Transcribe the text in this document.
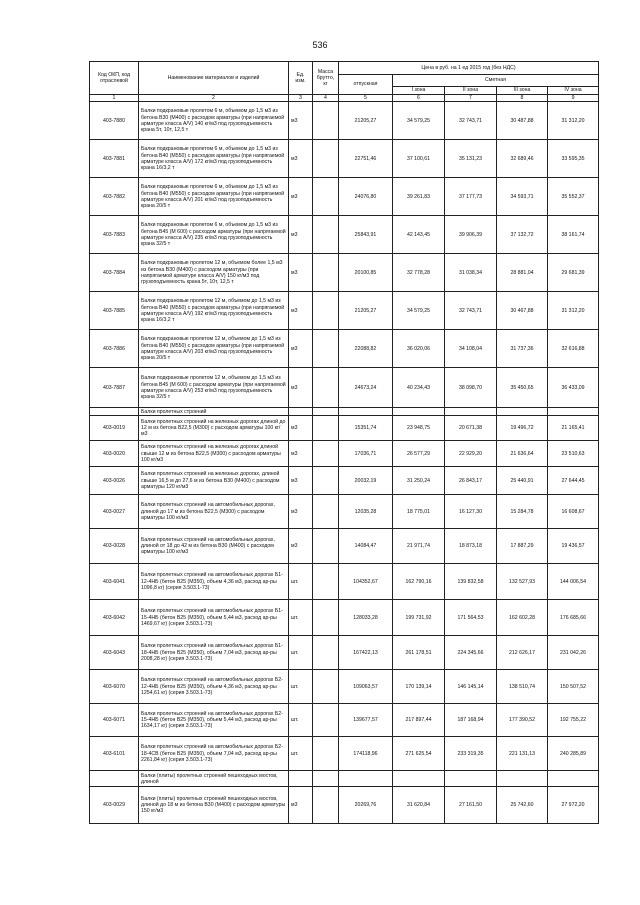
536
Код ОКП, код отраслевой	Наименование материалов и изделий	Ед. изм.	Масса брутто, кг	Цена в руб. на 1 ед 2015 год (без НДС)				
				отпускная	Сметная			
					I зона	II зона	III зона	IV зона
1	2	3	4	5	6	7	8	9
403-7880	Балки подкрановые пролетом 6 м, объемом до 1,5 м3 из бетона В30 (М400) с расходом арматуры (при напрягаемой арматуре класса А/V) 140 кг/м3 под грузоподъемность крана 5т, 10т, 12,5 т	м3		21205,27	34 579,25	32 743,71	30 487,88	31 312,20
403-7881	Балки подкрановые пролетом 6 м, объемом до 1,5 м3 из бетона В40 (М550) с расходом арматуры (при напрягаемой арматуре класса А/V) 172 кг/м3 под грузоподъемность крана 16/3,2 т	м3		22751,46	37 100,61	35 131,23	32 689,46	33 595,35
403-7882	Балки подкрановые пролетом 6 м, объемом до 1,5 м3 из бетона В40 (М550) с расходом арматуры (при напрягаемой арматуре класса А/V) 201 кг/м3 под грузоподъемность крана 20/5 т	м3		24076,80	39 261,83	37 177,73	34 593,71	35 552,37
403-7883	Балки подкрановые пролетом 6 м, объемом до 1,5 м3 из бетона В45 (М 600) с расходом арматуры (при напрягаемой арматуре класса А/V) 235 кг/м3 под грузоподъемность крана 32/5 т	м3		25843,91	42 143,45	39 906,39	37 132,72	38 161,74
403-7884	Балки подкрановые пролетом 12 м, объемом более 1,5 м3 из бетона В30 (М400) с расходом арматуры (при напрягаемой арматуре класса А/V) 150 кг/м3 под грузоподъемность крана 5т, 10т, 12,5 т	м3		20100,85	32 778,28	31 038,34	28 881,04	29 681,39
403-7885	Балки подкрановые пролетом 12 м, объемом до 1,5 м3 из бетона В40 (М550) с расходом арматуры (при напрягаемой арматуре класса А/V) 192 кг/м3 под грузоподъемность крана 16/3,2 т	м3		21205,27	34 579,25	32 743,71	30 467,88	31 312,20
403-7886	Балки подкрановые пролетом 12 м, объемом до 1,5 м3 из бетона В40 (М550) с расходом арматуры (при напрягаемой арматуре класса А/V) 203 кг/м3 под грузоподъемность крана 20/5 т	м3		22088,82	36 020,06	34 108,04	31 737,36	32 616,88
403-7887	Балки подкрановые пролетом 12 м, объемом до 1,5 м3 из бетона В45 (М 600) с расходом арматуры (при напрягаемой арматуре класса А/V) 253 кг/м3 под грузоподъемность крана 32/5 т	м3		24673,24	40 234,43	38 098,70	35 450,65	36 433,09
	Балки пролетных строений							
403-0019	Балки пролетных строений на железных дорогах длиной до 12 м из бетона В22,5 (М300) с расходом арматуры 100 кг/м3	м3		15351,74	23 948,75	20 671,38	19 496,72	21 165,41
403-0020	Балки пролетных строений на железных дорогах длиной свыше 12 м из бетона В22,5 (М300) с расходом арматуры 100 кг/м3	м3		17036,71	26 577,29	22 929,20	21 636,64	23 510,63
403-0026	Балки пролетных строений на железных дорогах, длиной свыше 16,5 м до 27,6 м из бетона В30 (М400) с расходом арматуры 120 кг/м3	м3		20032,19	31 250,24	26 843,17	25 440,91	27 644,45
403-0027	Балки пролетных строений на автомобильных дорогах, длиной до 17 м из бетона В22,5 (М300) с расходом арматуры 100 кг/м3	м3		12035,28	18 775,01	16 127,30	15 284,78	16 608,67
403-0028	Балки пролетных строений на автомобильных дорогах, длиной от 18 до 42 м из бетона В30 (М400) с расходом арматуры 100 кг/м3	м3		14084,47	21 971,74	18 873,18	17 887,29	19 436,57
403-6041	Балки пролетных строений на автомобильных дорогах Б1-12-4НБ (бетон В25 (М350), объем 4,36 м3, расход ар-ры 1096,8 кг) (серия 3.503.1-73)	шт.		104352,67	162 790,16	139 832,58	132 527,93	144 006,54
403-6042	Балки пролетных строений на автомобильных дорогах Б1-15-4НБ (бетон В25 (М350), объем 5,44 м3, расход ар-ры 1469,67 кг) (серия 3.503.1-73)	шт.		128033,28	199 731,92	171 564,53	162 602,28	176 685,66
403-6043	Балки пролетных строений на автомобильных дорогах Б1-18-4НБ (бетон В25 (М350), объем 7,04 м3, расход ар-ры 2008,28 кг) (серия 3.503.1-73)	шт.		167422,13	261 178,51	224 345,66	212 626,17	231 042,26
403-6070	Балки пролетных строений на автомобильных дорогах Б2-12-4НБ (бетон В25 (М350), объем 4,36 м3, расход ар-ры 1254,61 кг) (серия 3.503.1-73)	шт.		109063,57	170 139,14	146 145,14	138 510,74	150 507,52
403-6071	Балки пролетных строений на автомобильных дорогах Б2-15-4НБ (бетон В25 (М350), объем 5,44 м3, расход ар-ры 1634,17 кг) (серия 3.503.1-73)	шт.		139677,57	217 897,44	187 168,94	177 390,52	192 755,22
403-6101	Балки пролетных строений на автомобильных дорогах Б2-18-4СВ (бетон В25 (М350), объем 7,04 м3, расход ар-ры 2261,84 кг) (серия 3.503.1-73)	шт.		174118,96	271 625,54	233 319,35	221 131,13	240 285,89
	Балки (плиты) пролетных строений пешеходных мостов, длиной							
403-0029	Балки (плиты) пролетных строений пешеходных мостов, длиной до 18 м из бетона В30 (М400) с расходом арматуры 150 кг/м3	м3		20269,76	31 620,84	27 161,50	25 742,60	27 972,20
